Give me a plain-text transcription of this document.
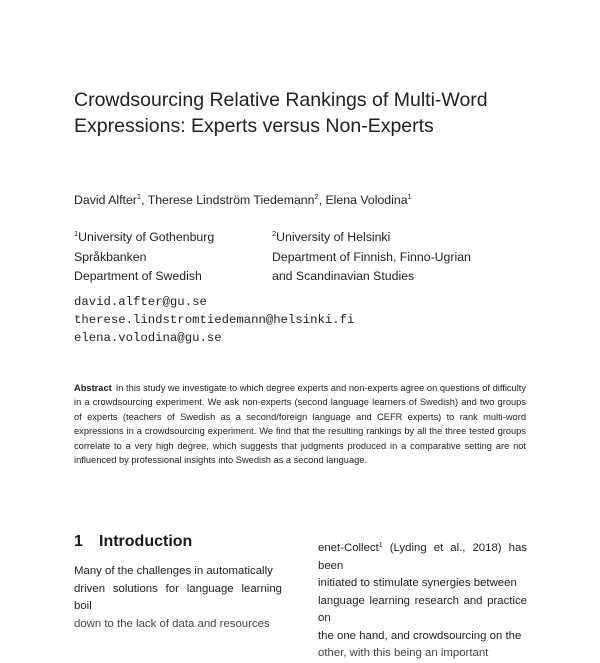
Crowdsourcing Relative Rankings of Multi-Word
Expressions: Experts versus Non-Experts
David Alfter$^1$, Therese Lindström Tiedemann$^2$, Elena Volodina$^1$
$^1$University of Gothenburg
Språkbanken
Department of Swedish
$^2$University of Helsinki
Department of Finnish, Finno-Ugrian
and Scandinavian Studies
david.alfter@gu.se
therese.lindstromtiedemann@helsinki.fi
elena.volodina@gu.se
Abstract In this study we investigate to which degree experts and non-experts agree on questions of difficulty in a crowdsourcing experiment. We ask non-experts (second language learners of Swedish) and two groups of experts (teachers of Swedish as a second/foreign language and CEFR experts) to rank multi-word expressions in a crowdsourcing experiment. We find that the resulting rankings by all the three tested groups correlate to a very high degree, which suggests that judgments produced in a comparative setting are not influenced by professional insights into Swedish as a second language.
1 Introduction
Many of the challenges in automatically
driven solutions for language learning boil
down to the lack of data and resources
enet-Collect$^1$ (Lyding et al., 2018) has been
initiated to stimulate synergies between
language learning research and practice on
the one hand, and crowdsourcing on the
other, with this being an important
